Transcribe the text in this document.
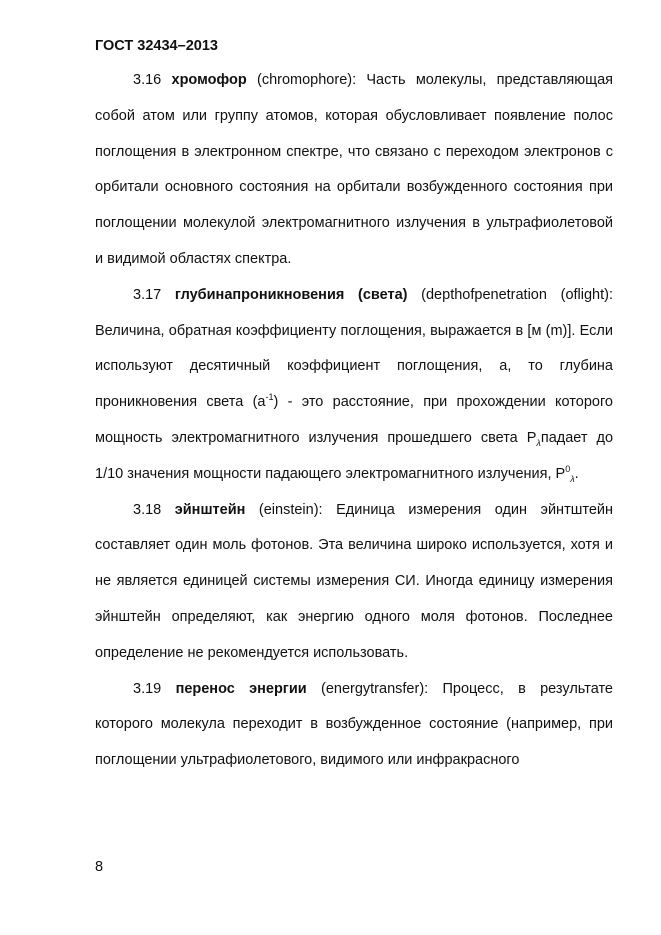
ГОСТ 32434–2013

3.16 хромофор (chromophore): Часть молекулы, представляющая собой атом или группу атомов, которая обусловливает появление полос поглощения в электронном спектре, что связано с переходом электронов с орбитали основного состояния на орбитали возбужденного состояния при поглощении молекулой электромагнитного излучения в ультрафиолетовой и видимой областях спектра.

3.17 глубинапроникновения (света) (depthofpenetration (oflight): Величина, обратная коэффициенту поглощения, выражается в [м (m)]. Если используют десятичный коэффициент поглощения, а, то глубина проникновения света $(a^{-1})$ - это расстояние, при прохождении которого мощность электромагнитного излучения прошедшего света $P_\lambda падает$ до 1/10 значения мощности падающего электромагнитного излучения, $P^0_\lambda$.

3.18 эйнштейн (einstein): Единица измерения один эйнтштейн составляет один моль фотонов. Эта величина широко используется, хотя и не является единицей системы измерения СИ. Иногда единицу измерения эйнштейн определяют, как энергию одного моля фотонов. Последнее определение не рекомендуется использовать.

3.19 перенос энергии (energytransfer): Процесс, в результате которого молекула переходит в возбужденное состояние (например, при поглощении ультрафиолетового, видимого или инфракрасного

8
